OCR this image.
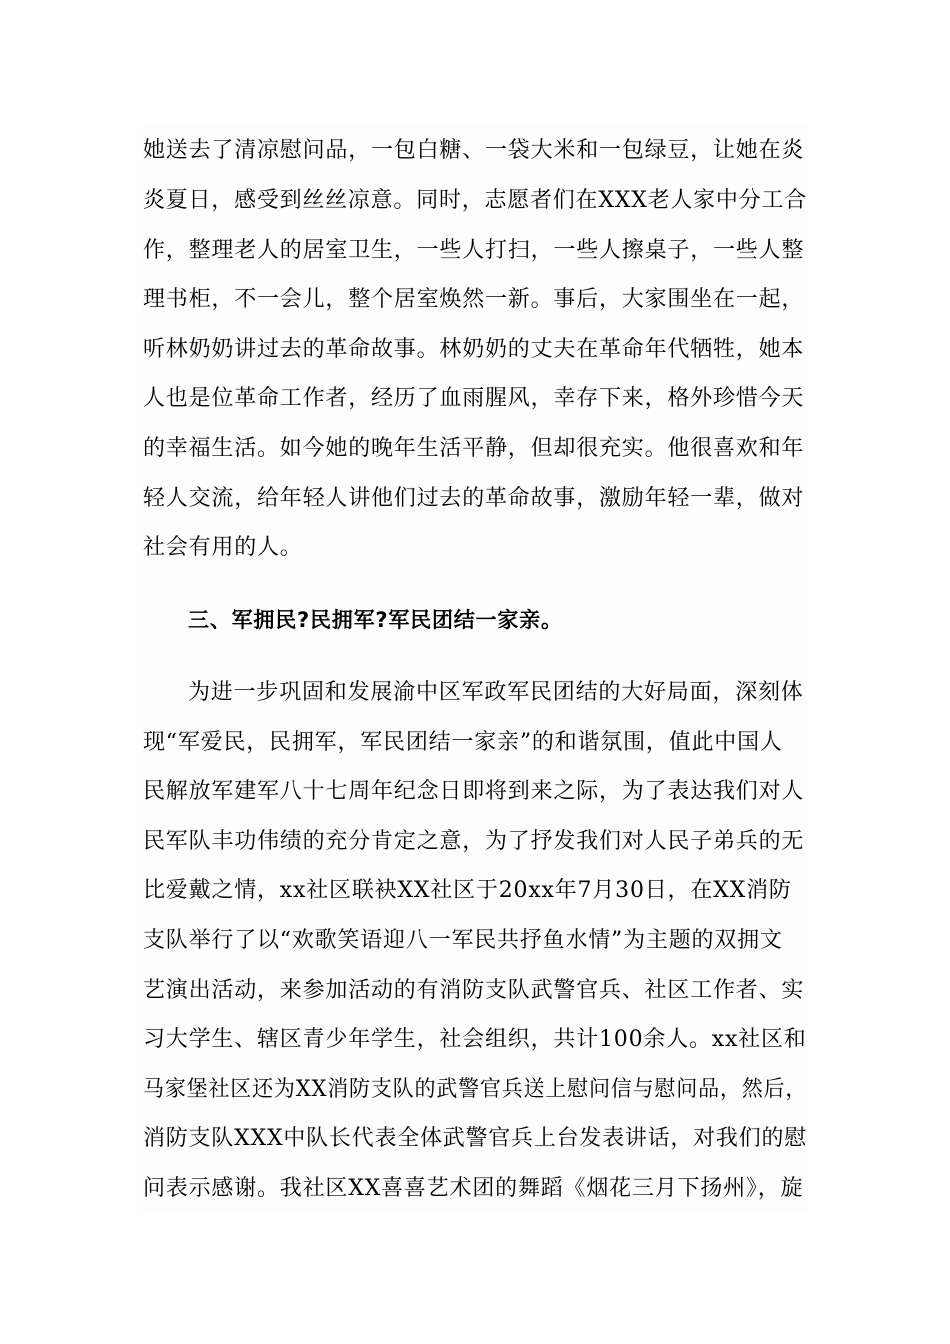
她送去了清凉慰问品，一包白糖、一袋大米和一包绿豆，让她在炎
炎夏日，感受到丝丝凉意。同时，志愿者们在XXX老人家中分工合
作，整理老人的居室卫生，一些人打扫，一些人擦桌子，一些人整
理书柜，不一会儿，整个居室焕然一新。事后，大家围坐在一起，
听林奶奶讲过去的革命故事。林奶奶的丈夫在革命年代牺牲，她本
人也是位革命工作者，经历了血雨腥风，幸存下来，格外珍惜今天
的幸福生活。如今她的晚年生活平静，但却很充实。他很喜欢和年
轻人交流，给年轻人讲他们过去的革命故事，激励年轻一辈，做对
社会有用的人。
三、军拥民?民拥军?军民团结一家亲。
为进一步巩固和发展渝中区军政军民团结的大好局面，深刻体
现“军爱民，民拥军，军民团结一家亲”的和谐氛围，值此中国人
民解放军建军八十七周年纪念日即将到来之际，为了表达我们对人
民军队丰功伟绩的充分肯定之意，为了抒发我们对人民子弟兵的无
比爱戴之情，xx社区联袂XX社区于20xx年7月30日，在XX消防
支队举行了以“欢歌笑语迎八一军民共抒鱼水情”为主题的双拥文
艺演出活动，来参加活动的有消防支队武警官兵、社区工作者、实
习大学生、辖区青少年学生，社会组织，共计100余人。xx社区和
马家堡社区还为XX消防支队的武警官兵送上慰问信与慰问品，然后，
消防支队XXX中队长代表全体武警官兵上台发表讲话，对我们的慰
问表示感谢。我社区XX喜喜艺术团的舞蹈《烟花三月下扬州》，旋
